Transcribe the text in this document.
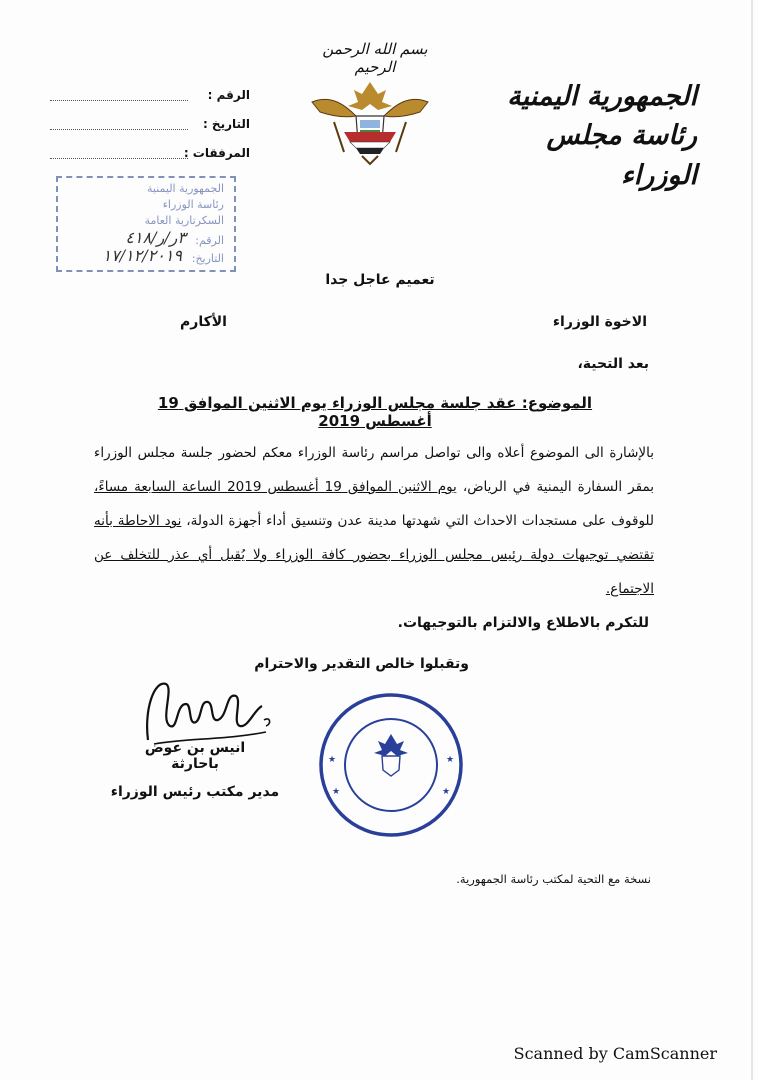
بسم الله الرحمن الرحيم
الجمهورية اليمنية
رئاسة مجلس الوزراء
الرقم :
التاريخ :
المرفقات :
الجمهورية اليمنية
رئاسة الوزراء
السكرتارية العامة
الرقم:
٣ر/ر/٤١٨
التاريخ:
١٧/١٢/٢٠١٩
تعميم عاجل جدا
الاخوة الوزراء
الأكارم
بعد التحية،
الموضوع: عقد جلسة مجلس الوزراء يوم الاثنين الموافق 19 أغسطس 2019
بالإشارة الى الموضوع أعلاه والى تواصل مراسم رئاسة الوزراء معكم لحضور جلسة مجلس الوزراء بمقر السفارة اليمنية في الرياض، يوم الاثنين الموافق 19 أغسطس 2019 الساعة السابعة مساءً، للوقوف على مستجدات الاحداث التي شهدتها مدينة عدن وتنسيق أداء أجهزة الدولة، نود الاحاطة بأنه تقتضي توجيهات دولة رئيس مجلس الوزراء بحضور كافة الوزراء ولا يُقبل أي عذر للتخلف عن الاجتماع.
للتكرم بالاطلاع والالتزام بالتوجيهات.
وتقبلوا خالص التقدير والاحترام
انيس بن عوض باحارثة
مدير مكتب رئيس الوزراء
★	★
★	★
نسخة مع التحية لمكتب رئاسة الجمهورية.
Scanned by CamScanner
